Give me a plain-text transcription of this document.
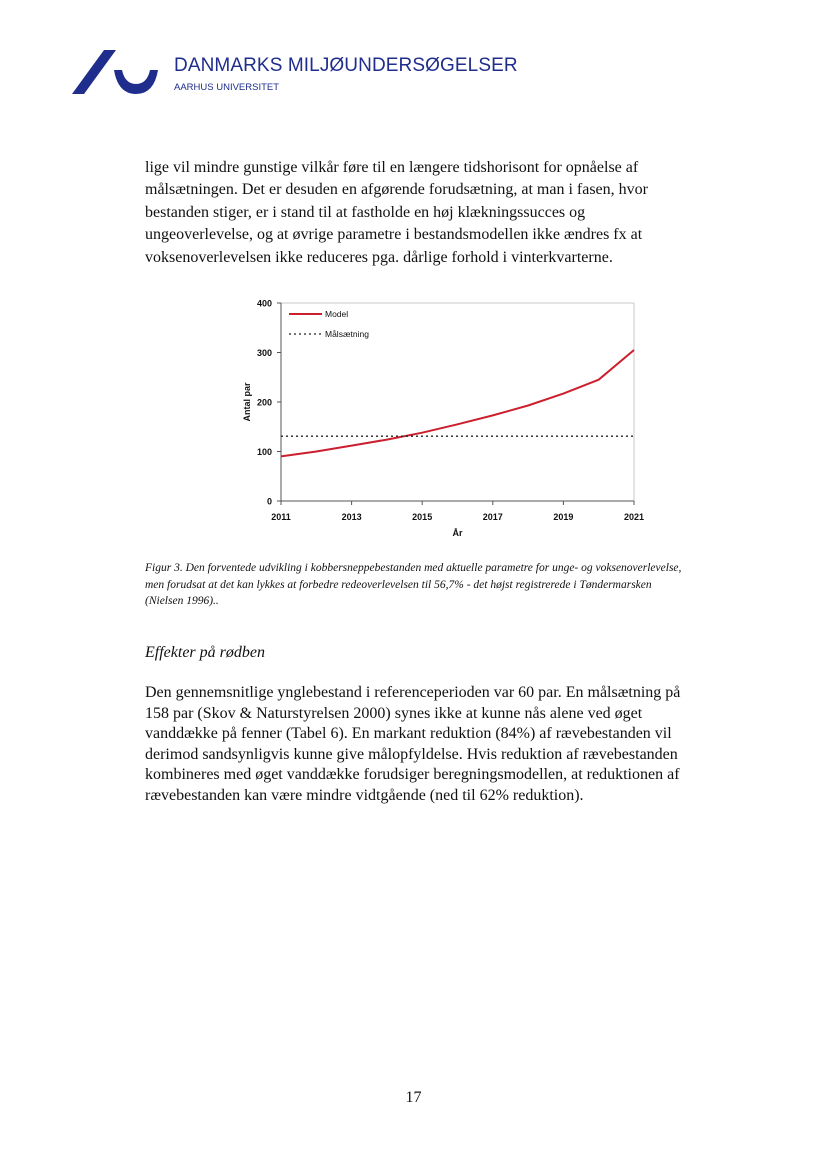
DANMARKS MILJØUNDERSØGELSER
AARHUS UNIVERSITET

lige vil mindre gunstige vilkår føre til en længere tidshorisont for opnåelse af målsætningen. Det er desuden en afgørende forudsætning, at man i fasen, hvor bestanden stiger, er i stand til at fastholde en høj klækningssucces og ungeoverlevelse, og at øvrige parametre i bestandsmodellen ikke ændres fx at voksenoverlevelsen ikke reduceres pga. dårlige forhold i vinterkvarterne.

0
100
200
300
400
2011	2013	2015	2017	2019	2021
År
Antal par
Model
Målsætning

Figur 3. Den forventede udvikling i kobbersneppebestanden med aktuelle parametre for unge- og voksenoverlevelse, men forudsat at det kan lykkes at forbedre redeoverlevelsen til 56,7% - det højst registrerede i Tøndermarsken (Nielsen 1996)..

Effekter på rødben

Den gennemsnitlige ynglebestand i referenceperioden var 60 par. En målsætning på 158 par (Skov & Naturstyrelsen 2000) synes ikke at kunne nås alene ved øget vanddække på fenner (Tabel 6). En markant reduktion (84%) af rævebestanden vil derimod sandsynligvis kunne give målopfyldelse. Hvis reduktion af rævebestanden kombineres med øget vanddække forudsiger beregningsmodellen, at reduktionen af rævebestanden kan være mindre vidtgående (ned til 62% reduktion).

17
